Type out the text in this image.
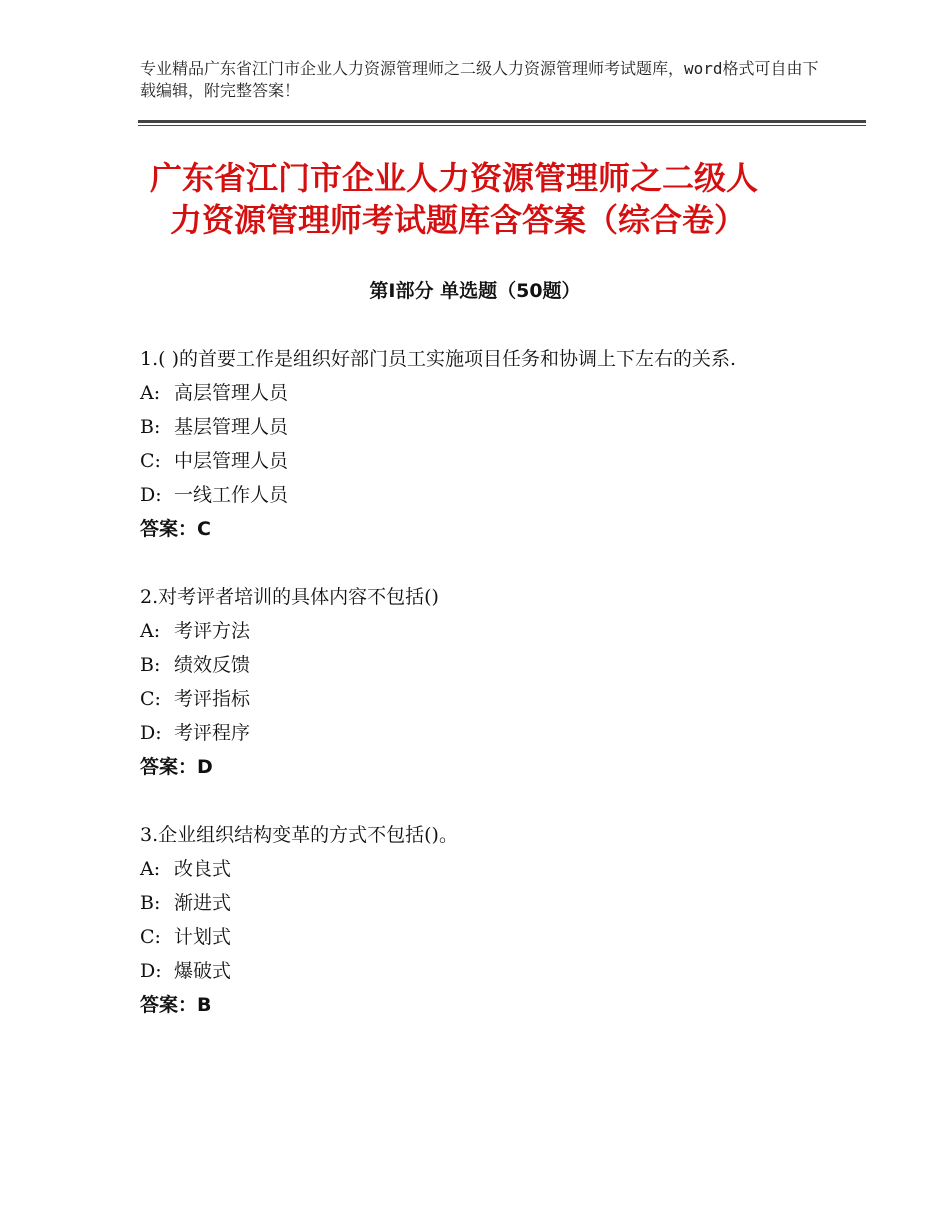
专业精品广东省江门市企业人力资源管理师之二级人力资源管理师考试题库，word格式可自由下载编辑，附完整答案！
广东省江门市企业人力资源管理师之二级人
力资源管理师考试题库含答案（综合卷）
第Ⅰ部分 单选题（50题）

1.( )的首要工作是组织好部门员工实施项目任务和协调上下左右的关系.

A: 高层管理人员

B: 基层管理人员

C: 中层管理人员

D: 一线工作人员

答案：C

2.对考评者培训的具体内容不包括()

A: 考评方法

B: 绩效反馈

C: 考评指标

D: 考评程序

答案：D

3.企业组织结构变革的方式不包括()。

A: 改良式

B: 渐进式

C: 计划式

D: 爆破式

答案：B
